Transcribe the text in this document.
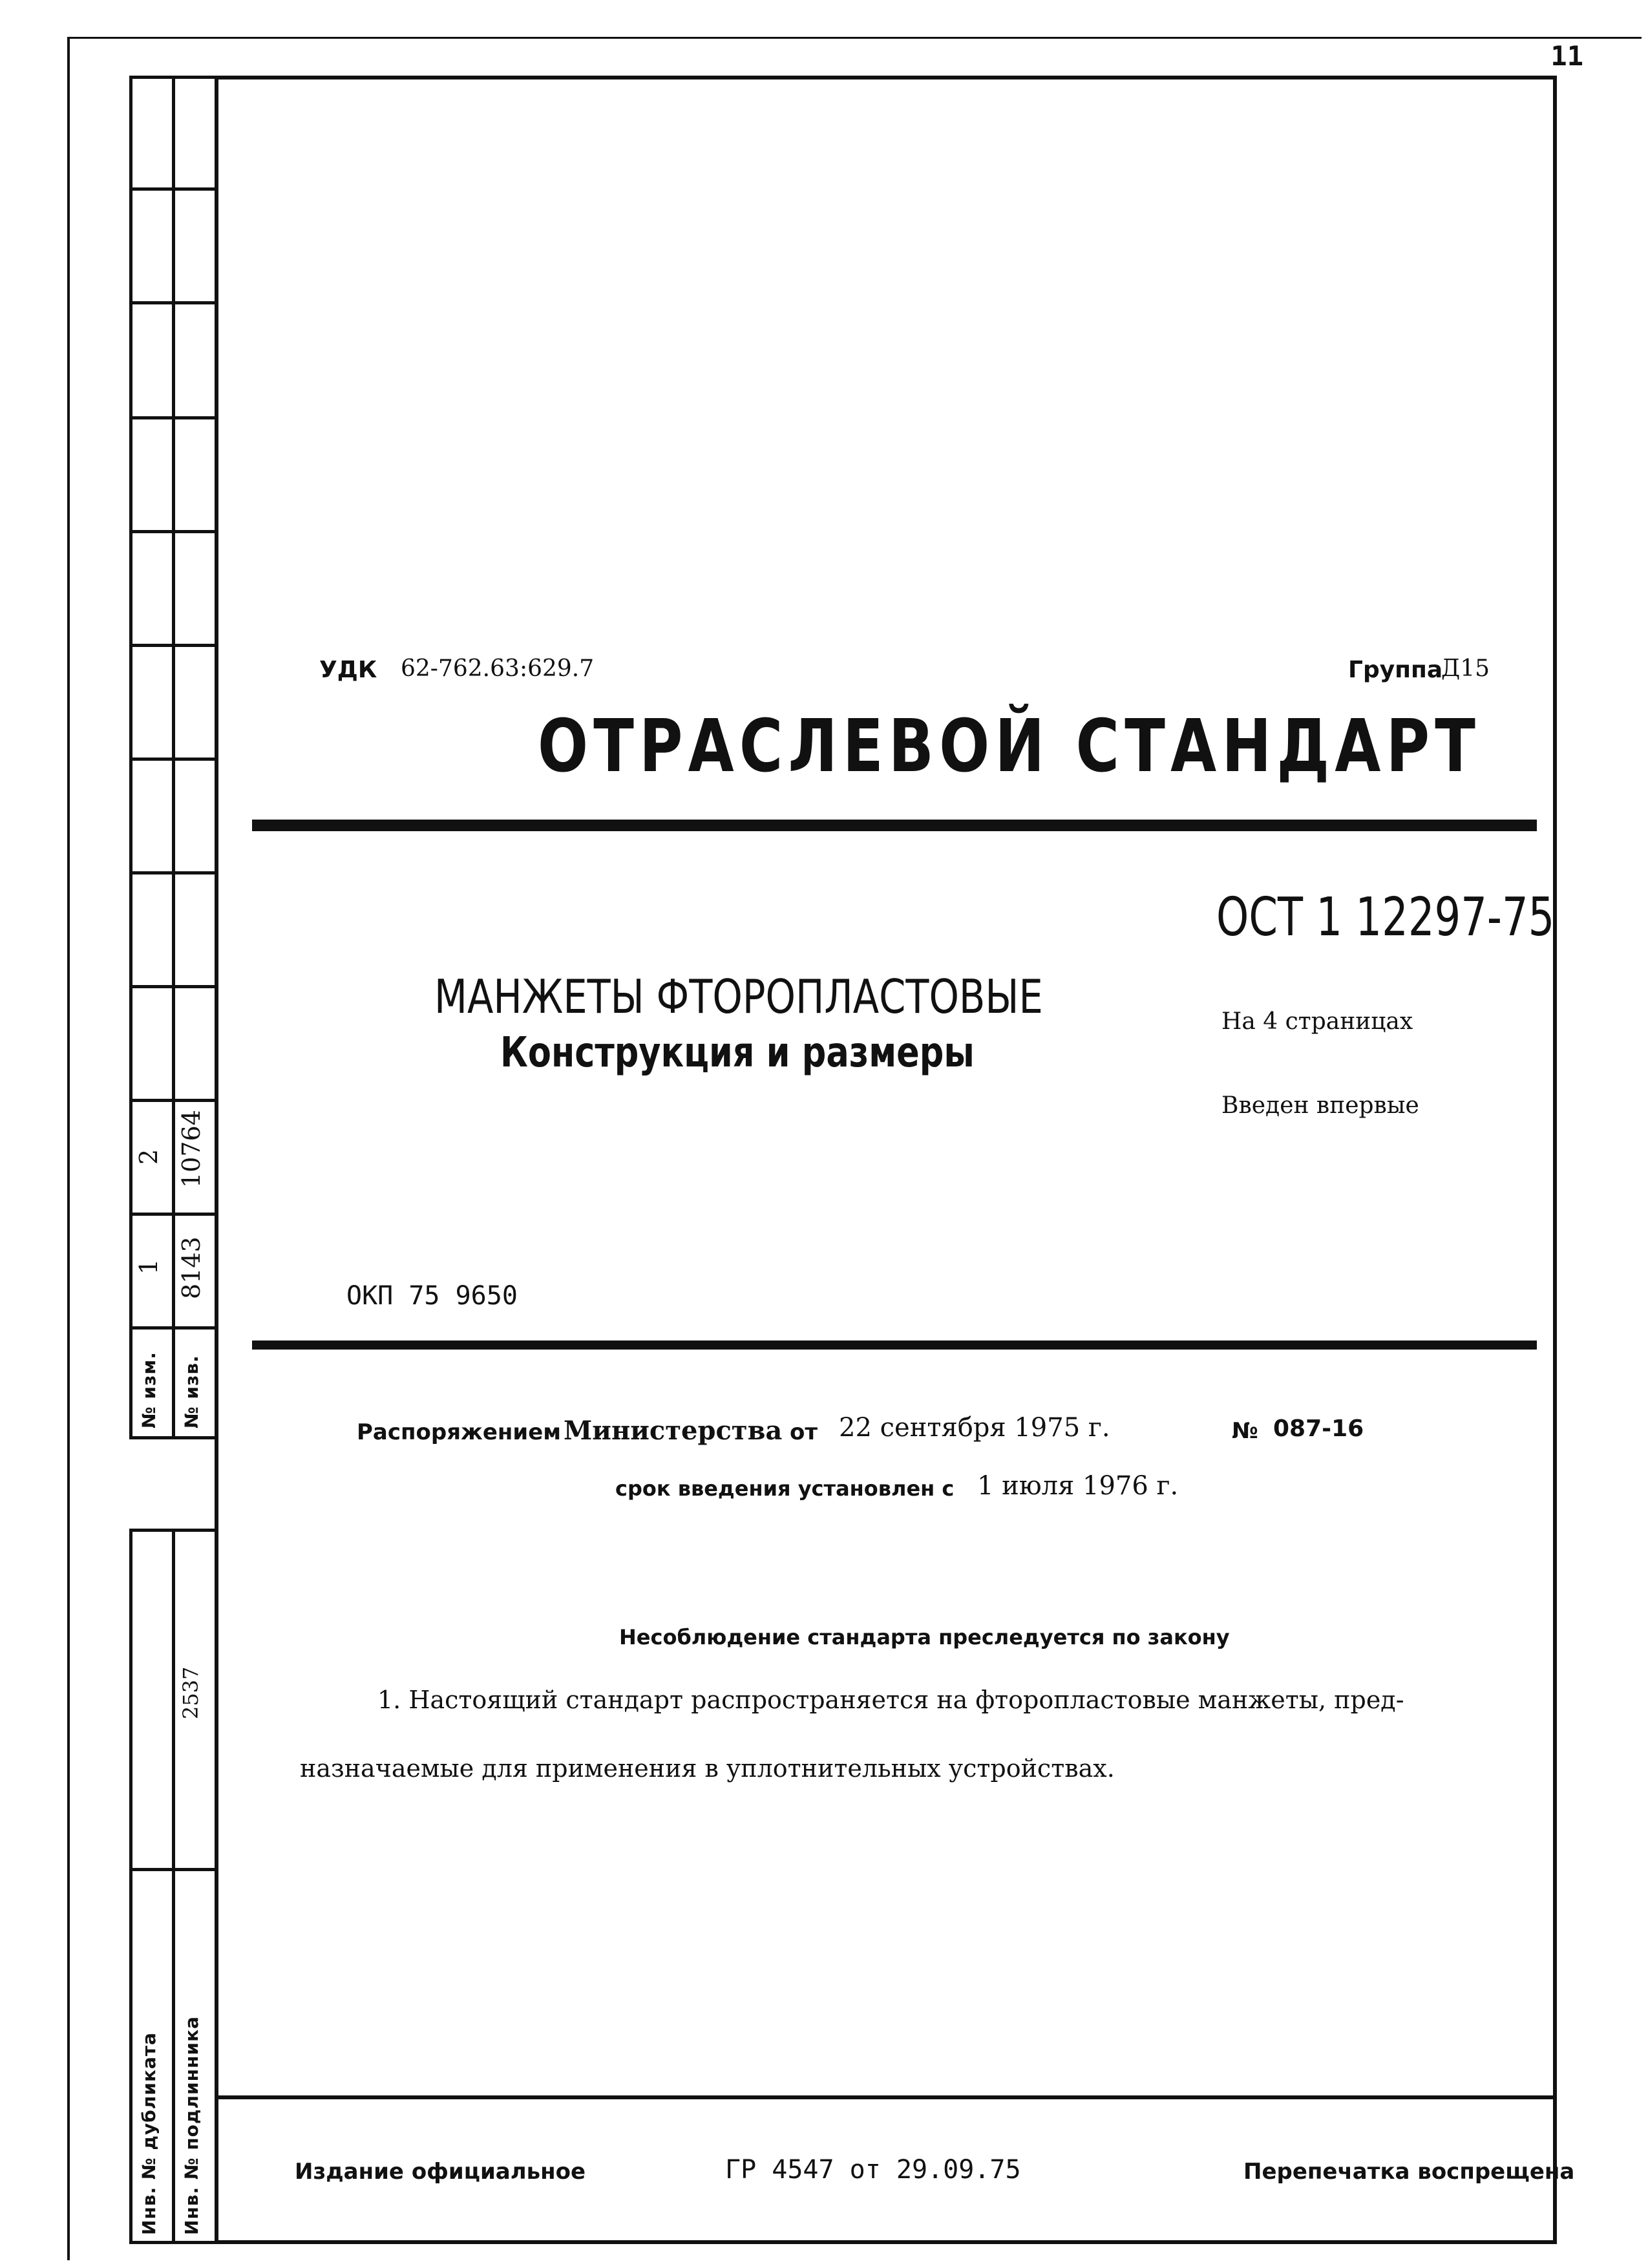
11
2 10764
1 8143
№ изм. № изв.
2537
Инв. № дубликата Инв. № подлинника
УДК 62-762.63:629.7	Группа
Д15
ОТРАСЛЕВОЙ СТАНДАРТ
ОСТ 1 12297-75
МАНЖЕТЫ ФТОРОПЛАСТОВЫЕ
Конструкция и размеры
На 4 страницах
Введен впервые
ОКП 75 9650
Распоряжением Министерства от 22 сентября 1975 г.	№ 087-16
срок введения установлен с 1 июля 1976 г.
Несоблюдение стандарта преследуется по закону
1. Настоящий стандарт распространяется на фторопластовые манжеты, пред-
назначаемые для применения в уплотнительных устройствах.
Издание официальное	ГР 4547 от 29.09.75	Перепечатка воспрещена
